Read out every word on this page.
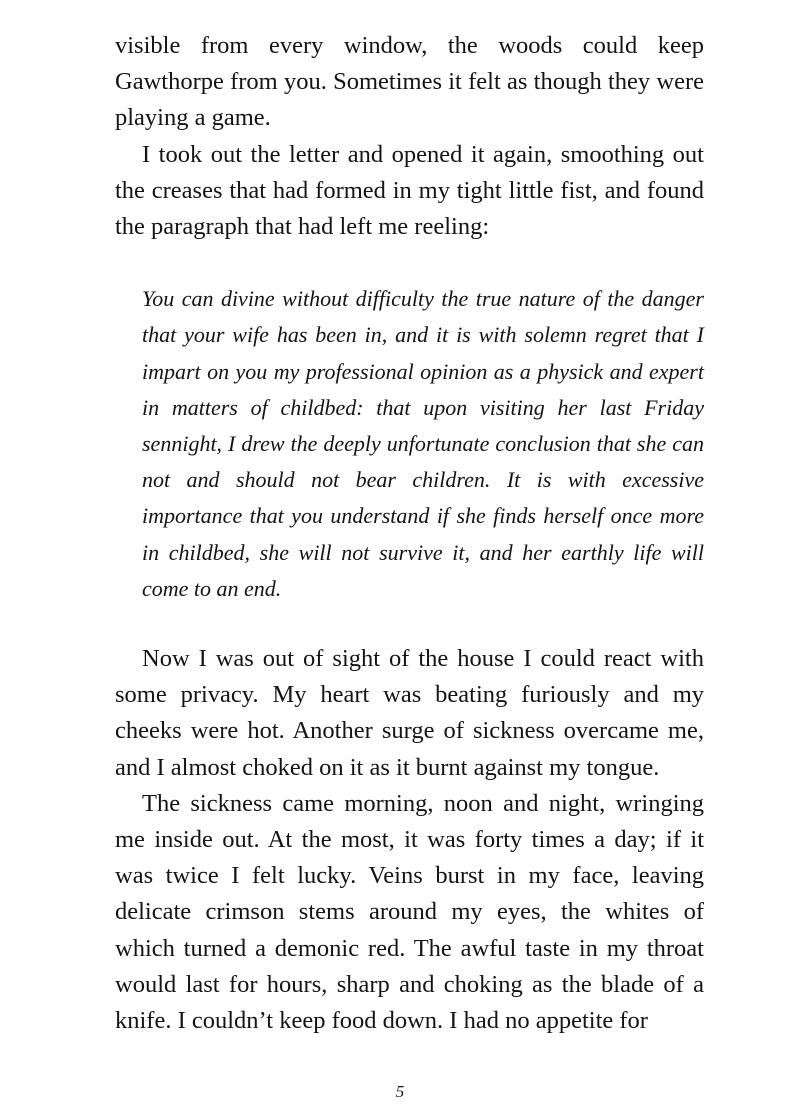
visible from every window, the woods could keep Gawthorpe from you. Sometimes it felt as though they were playing a game.

I took out the letter and opened it again, smoothing out the creases that had formed in my tight little fist, and found the paragraph that had left me reeling:

You can divine without difficulty the true nature of the danger that your wife has been in, and it is with solemn regret that I impart on you my professional opinion as a physick and expert in matters of childbed: that upon visiting her last Friday sennight, I drew the deeply unfortunate conclusion that she can not and should not bear children. It is with excessive importance that you understand if she finds herself once more in childbed, she will not survive it, and her earthly life will come to an end.

Now I was out of sight of the house I could react with some privacy. My heart was beating furiously and my cheeks were hot. Another surge of sickness overcame me, and I almost choked on it as it burnt against my tongue.

The sickness came morning, noon and night, wringing me inside out. At the most, it was forty times a day; if it was twice I felt lucky. Veins burst in my face, leaving delicate crimson stems around my eyes, the whites of which turned a demonic red. The awful taste in my throat would last for hours, sharp and choking as the blade of a knife. I couldn’t keep food down. I had no appetite for

5
